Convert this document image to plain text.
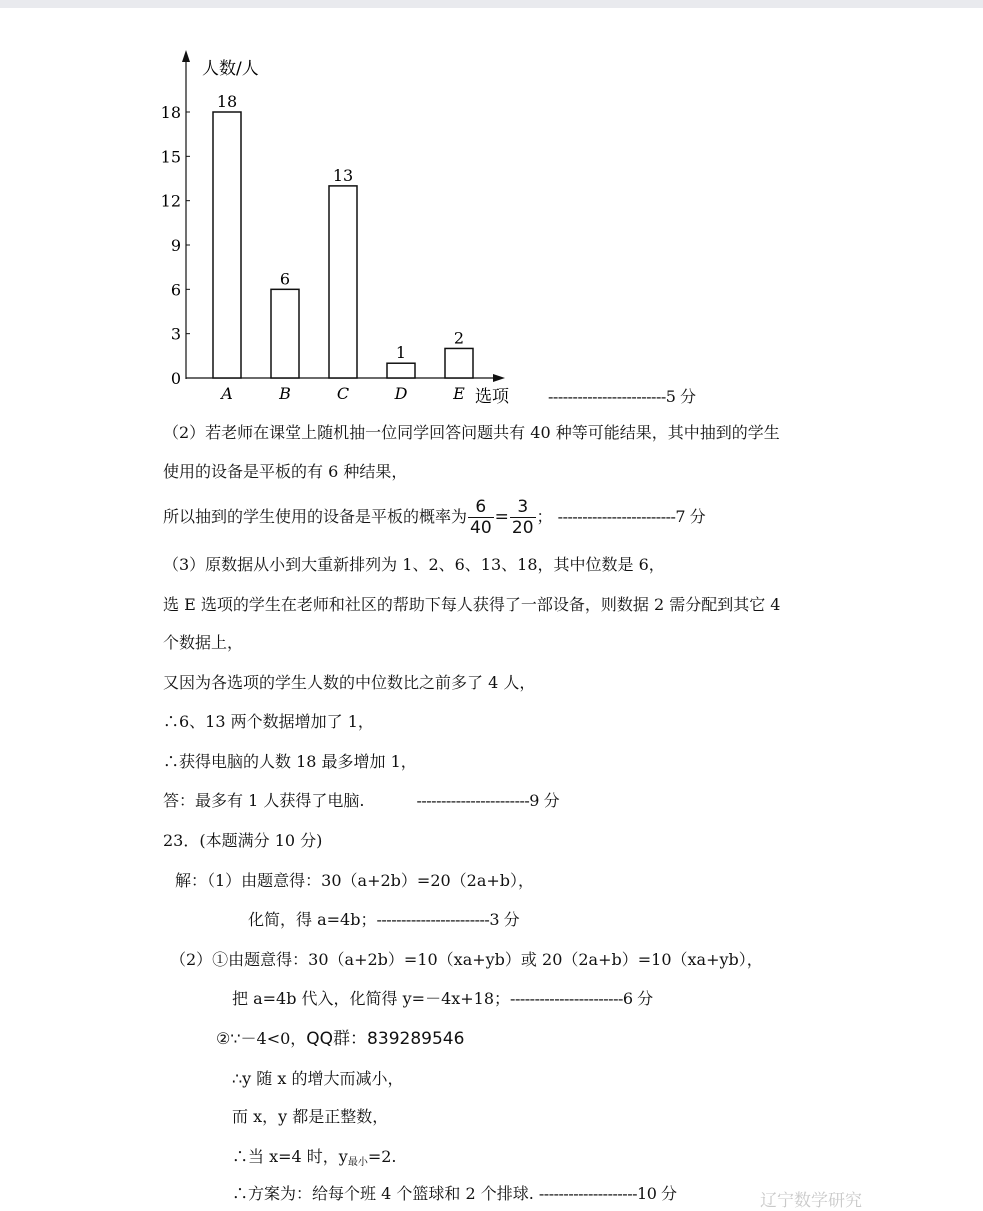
0
3
6
9
12
15
18
18
A
6
B
13
C
1
D
2
E
人数/人
选项 ------------------------5 分
（2）若老师在课堂上随机抽一位同学回答问题共有 40 种等可能结果，其中抽到的学生
使用的设备是平板的有 6 种结果，
所以抽到的学生使用的设备是平板的概率为 $\frac{6}{40} = \frac{3}{20}$ ； ------------------------7 分
（3）原数据从小到大重新排列为 1、2、6、13、18，其中位数是 6，
选 E 选项的学生在老师和社区的帮助下每人获得了一部设备，则数据 2 需分配到其它 4
个数据上，
又因为各选项的学生人数的中位数比之前多了 4 人，
∴6、13 两个数据增加了 1，
∴获得电脑的人数 18 最多增加 1，
答：最多有 1 人获得了电脑.	-----------------------9 分
23．(本题满分 10 分)
解：（1）由题意得：30（a+2b）=20（2a+b），
化简，得 a=4b；-----------------------3 分
（2）①由题意得：30（a+2b）=10（xa+yb）或 20（2a+b）=10（xa+yb），
把 a=4b 代入，化简得 y=－4x+18；-----------------------6 分
②∵－4<0，QQ群：839289546
∴y 随 x 的增大而减小，
而 x，y 都是正整数，
∴当 x=4 时，$y_{最小}=2$.
∴方案为：给每个班 4 个篮球和 2 个排球. --------------------10 分	辽宁数学研究
